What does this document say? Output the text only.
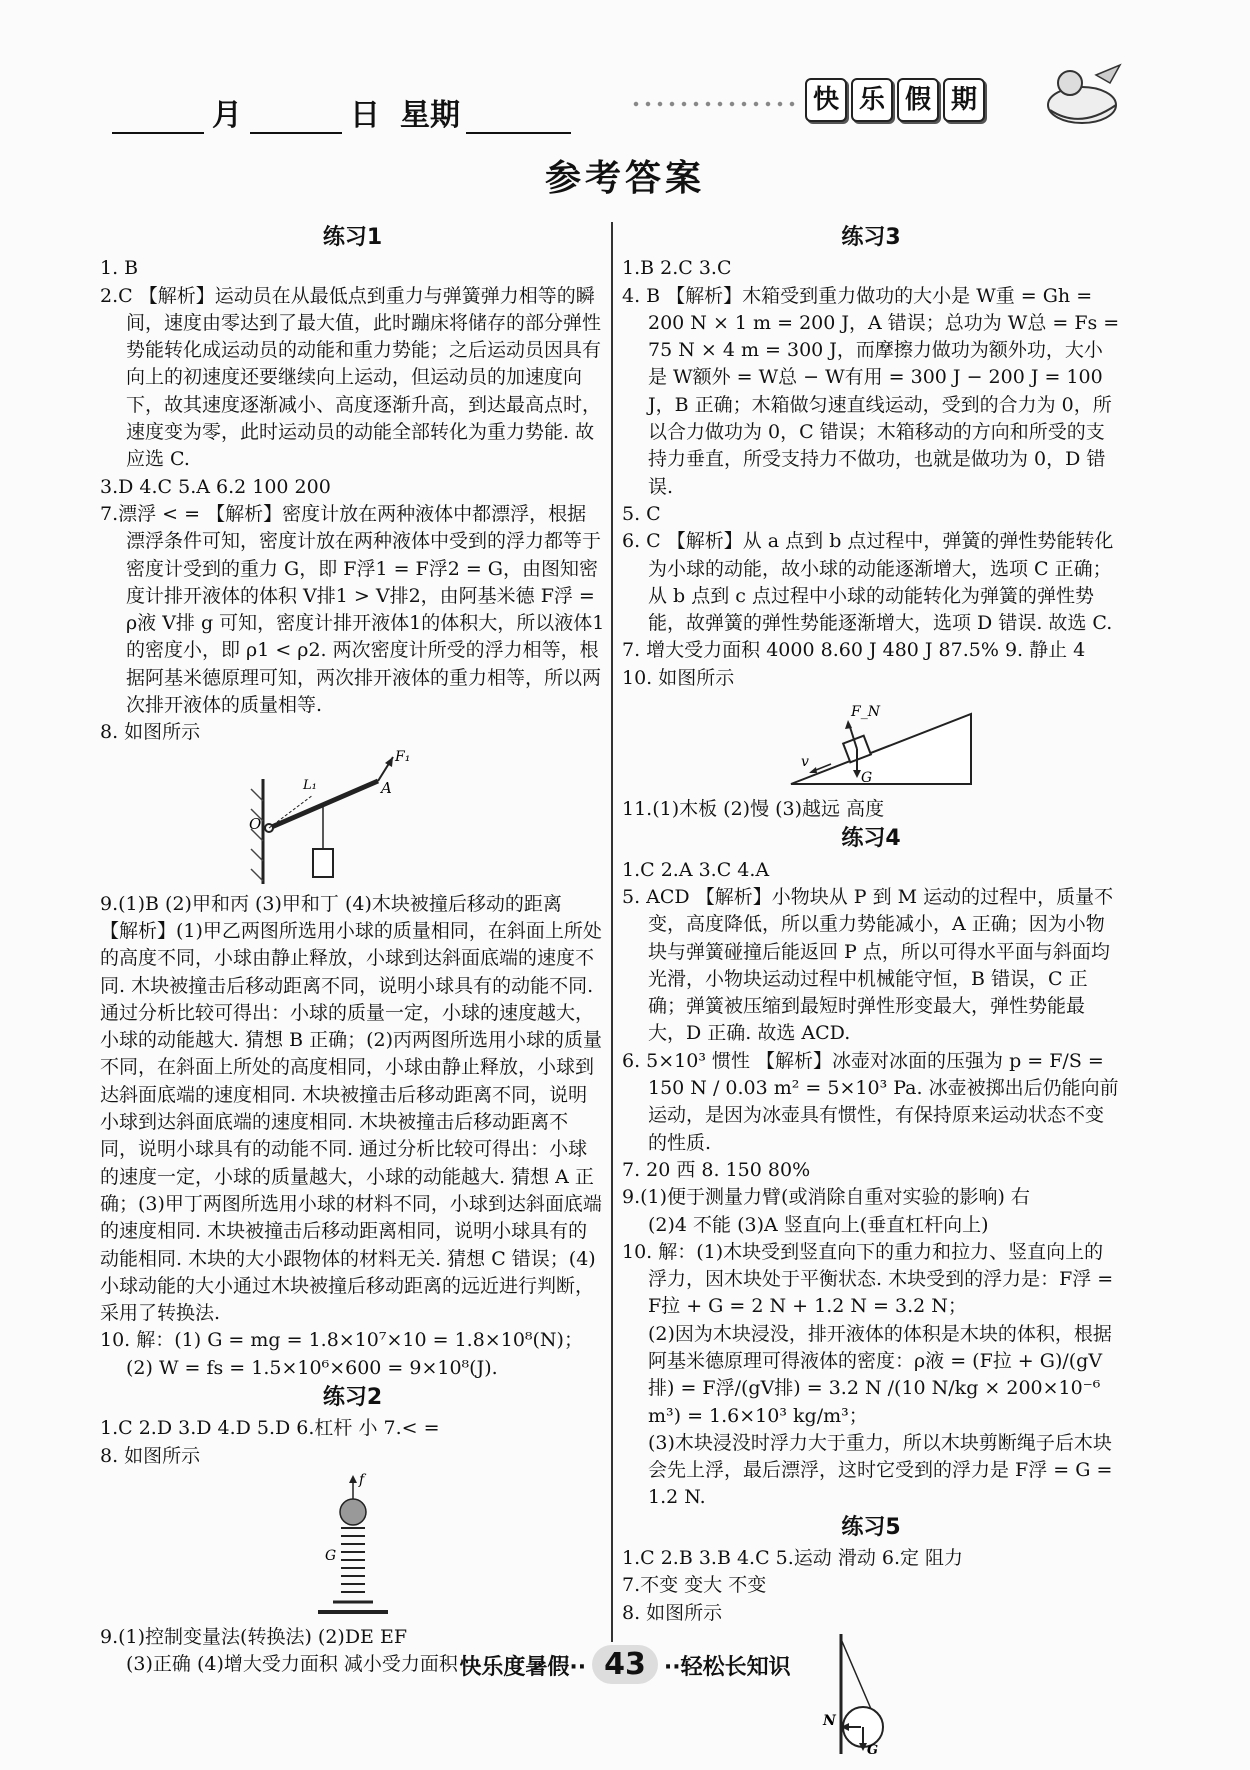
月	日 星期	快 乐 假 期
参考答案
练习1

1. B

2.C 【解析】运动员在从最低点到重力与弹簧弹力相等的瞬间，速度由零达到了最大值，此时蹦床将储存的部分弹性势能转化成运动员的动能和重力势能；之后运动员因具有向上的初速度还要继续向上运动，但运动员的加速度向下，故其速度逐渐减小、高度逐渐升高，到达最高点时，速度变为零，此时运动员的动能全部转化为重力势能. 故应选 C.

3.D 4.C 5.A 6.2 100 200

7.漂浮 < = 【解析】密度计放在两种液体中都漂浮，根据漂浮条件可知，密度计放在两种液体中受到的浮力都等于密度计受到的重力 G，即 F浮1 = F浮2 = G，由图知密度计排开液体的体积 V排1 > V排2，由阿基米德 F浮 = ρ液 V排 g 可知，密度计排开液体1的体积大，所以液体1的密度小，即 ρ1 < ρ2. 两次密度计所受的浮力相等，根据阿基米德原理可知，两次排开液体的重力相等，所以两次排开液体的质量相等.

8. 如图所示

F₁
L₁
O
A

9.(1)B (2)甲和丙 (3)甲和丁 (4)木块被撞后移动的距离

【解析】(1)甲乙两图所选用小球的质量相同，在斜面上所处的高度不同，小球由静止释放，小球到达斜面底端的速度不同. 木块被撞击后移动距离不同，说明小球具有的动能不同. 通过分析比较可得出：小球的质量一定，小球的速度越大，小球的动能越大. 猜想 B 正确；(2)丙两图所选用小球的质量不同，在斜面上所处的高度相同，小球由静止释放，小球到达斜面底端的速度相同. 木块被撞击后移动距离不同，说明小球到达斜面底端的速度相同. 木块被撞击后移动距离不同，说明小球具有的动能不同. 通过分析比较可得出：小球的速度一定，小球的质量越大，小球的动能越大. 猜想 A 正确；(3)甲丁两图所选用小球的材料不同，小球到达斜面底端的速度相同. 木块被撞击后移动距离相同，说明小球具有的动能相同. 木块的大小跟物体的材料无关. 猜想 C 错误；(4)小球动能的大小通过木块被撞后移动距离的远近进行判断，采用了转换法.

10. 解：(1) G = mg = 1.8×10⁷×10 = 1.8×10⁸(N)；

(2) W = fs = 1.5×10⁶×600 = 9×10⁸(J).

练习2

1.C 2.D 3.D 4.D 5.D 6.杠杆 小 7.< =

8. 如图所示

f
G

9.(1)控制变量法(转换法) (2)DE EF

(3)正确 (4)增大受力面积 减小受力面积

练习3

1.B 2.C 3.C

4. B 【解析】木箱受到重力做功的大小是 W重 = Gh = 200 N × 1 m = 200 J，A 错误；总功为 W总 = Fs = 75 N × 4 m = 300 J，而摩擦力做功为额外功，大小是 W额外 = W总 − W有用 = 300 J − 200 J = 100 J，B 正确；木箱做匀速直线运动，受到的合力为 0，所以合力做功为 0，C 错误；木箱移动的方向和所受的支持力垂直，所受支持力不做功，也就是做功为 0，D 错误.

5. C

6. C 【解析】从 a 点到 b 点过程中，弹簧的弹性势能转化为小球的动能，故小球的动能逐渐增大，选项 C 正确；从 b 点到 c 点过程中小球的动能转化为弹簧的弹性势能，故弹簧的弹性势能逐渐增大，选项 D 错误. 故选 C.

7. 增大受力面积 4000 8.60 J 480 J 87.5% 9. 静止 4

10. 如图所示

F_N
v
G

11.(1)木板 (2)慢 (3)越远 高度

练习4

1.C 2.A 3.C 4.A

5. ACD 【解析】小物块从 P 到 M 运动的过程中，质量不变，高度降低，所以重力势能减小，A 正确；因为小物块与弹簧碰撞后能返回 P 点，所以可得水平面与斜面均光滑，小物块运动过程中机械能守恒，B 错误，C 正确；弹簧被压缩到最短时弹性形变最大，弹性势能最大，D 正确. 故选 ACD.

6. 5×10³ 惯性 【解析】冰壶对冰面的压强为 p = F/S = 150 N / 0.03 m² = 5×10³ Pa. 冰壶被掷出后仍能向前运动，是因为冰壶具有惯性，有保持原来运动状态不变的性质.

7. 20 西 8. 150 80%

9.(1)便于测量力臂(或消除自重对实验的影响) 右

(2)4 不能 (3)A 竖直向上(垂直杠杆向上)

10. 解：(1)木块受到竖直向下的重力和拉力、竖直向上的浮力，因木块处于平衡状态. 木块受到的浮力是：F浮 = F拉 + G = 2 N + 1.2 N = 3.2 N；

(2)因为木块浸没，排开液体的体积是木块的体积，根据阿基米德原理可得液体的密度：ρ液 = (F拉 + G)/(gV排) = F浮/(gV排) = 3.2 N /(10 N/kg × 200×10⁻⁶ m³) = 1.6×10³ kg/m³；

(3)木块浸没时浮力大于重力，所以木块剪断绳子后木块会先上浮，最后漂浮，这时它受到的浮力是 F浮 = G = 1.2 N.

练习5

1.C 2.B 3.B 4.C 5.运动 滑动 6.定 阻力

7.不变 变大 不变

8. 如图所示

N
G
快乐度暑假·· 43 ··轻松长知识
